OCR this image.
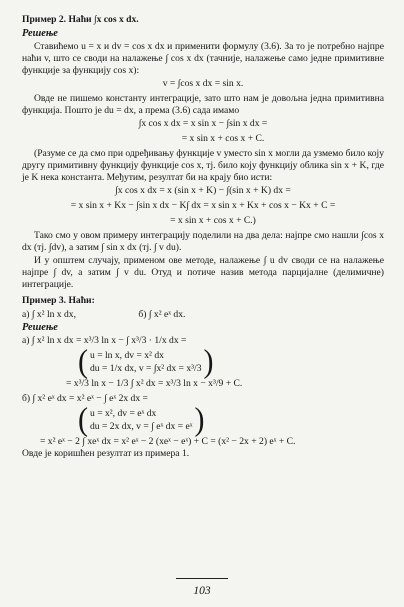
Пример 2. Наћи ∫x cos x dx.
Решење

Ставићемо u = x и dv = cos x dx и применити формулу (3.6). За то је потребно најпре наћи v, што се своди на налажење ∫ cos x dx (тачније, налажење само једне примитивне функције за функцију cos x):

v = ∫cos x dx = sin x.

Овде не пишемо константу интеграције, зато што нам је довољна једна примитивна функција. Пошто је du = dx, а према (3.6) сада имамо

∫x cos x dx = x sin x − ∫sin x dx =
= x sin x + cos x + C.

(Разуме се да смо при одређивању функције v уместо sin x могли да узмемо било коју другу примитивну функцију функције cos x, тј. било коју функцију облика sin x + K, где је K нека константа. Међутим, резултат би на крају био исти:

∫x cos x dx = x (sin x + K) − ∫(sin x + K) dx =
= x sin x + Kx − ∫sin x dx − K∫ dx = x sin x + Kx + cos x − Kx + C =
= x sin x + cos x + C.)

Тако смо у овом примеру интеграцију поделили на два дела: најпре смо нашли ∫cos x dx (тј. ∫dv), а затим ∫ sin x dx (тј. ∫ v du).

И у општем случају, применом ове методе, налажење ∫ u dv своди се на налажење најпре ∫ dv, а затим ∫ v du. Отуд и потиче назив метода парцијалне (делимичне) интеграције.

Пример 3. Наћи:
а) ∫ x² ln x dx,	б) ∫ x² eˣ dx.
Решење
а) ∫ x² ln x dx = x³/3 ln x − ∫ x³/3 · 1/x dx =
( u = ln x, dv = x² dx
du = 1/x dx, v = ∫x² dx = x³/3 )
= x³/3 ln x − 1/3 ∫ x² dx = x³/3 ln x − x³/9 + C.
б) ∫ x² eˣ dx = x² eˣ − ∫ eˣ 2x dx =
( u = x², dv = eˣ dx
du = 2x dx, v = ∫ eˣ dx = eˣ )
= x² eˣ − 2 ∫ xeˣ dx = x² eˣ − 2 (xeˣ − eˣ) + C = (x² − 2x + 2) eˣ + C.

Овде је коришћен резултат из примера 1.

103
